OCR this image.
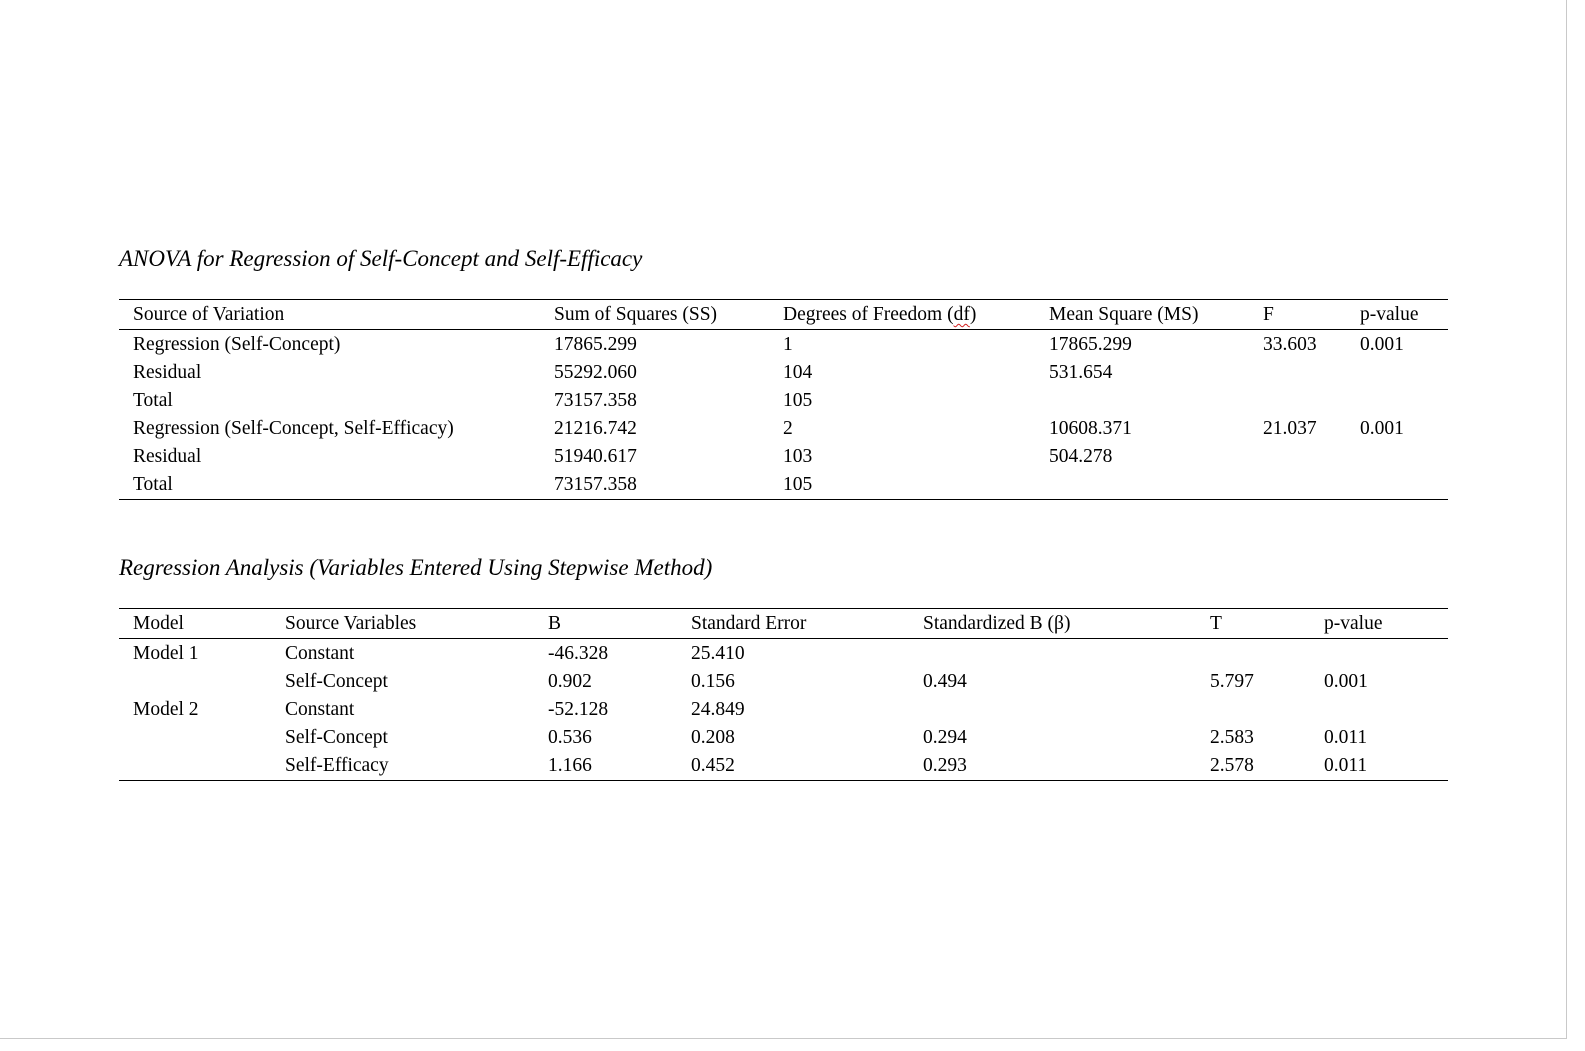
ANOVA for Regression of Self-Concept and Self-Efficacy
Source of Variation	Sum of Squares (SS)	Degrees of Freedom (df)	Mean Square (MS)	F	p-value
Regression (Self-Concept)	17865.299	1	17865.299	33.603	0.001
Residual	55292.060	104	531.654		
Total	73157.358	105			
Regression (Self-Concept, Self-Efficacy)	21216.742	2	10608.371	21.037	0.001
Residual	51940.617	103	504.278		
Total	73157.358	105			
Regression Analysis (Variables Entered Using Stepwise Method)
Model	Source Variables	B	Standard Error	Standardized B (β)	T	p-value
Model 1	Constant	-46.328	25.410			
	Self-Concept	0.902	0.156	0.494	5.797	0.001
Model 2	Constant	-52.128	24.849			
	Self-Concept	0.536	0.208	0.294	2.583	0.011
	Self-Efficacy	1.166	0.452	0.293	2.578	0.011
